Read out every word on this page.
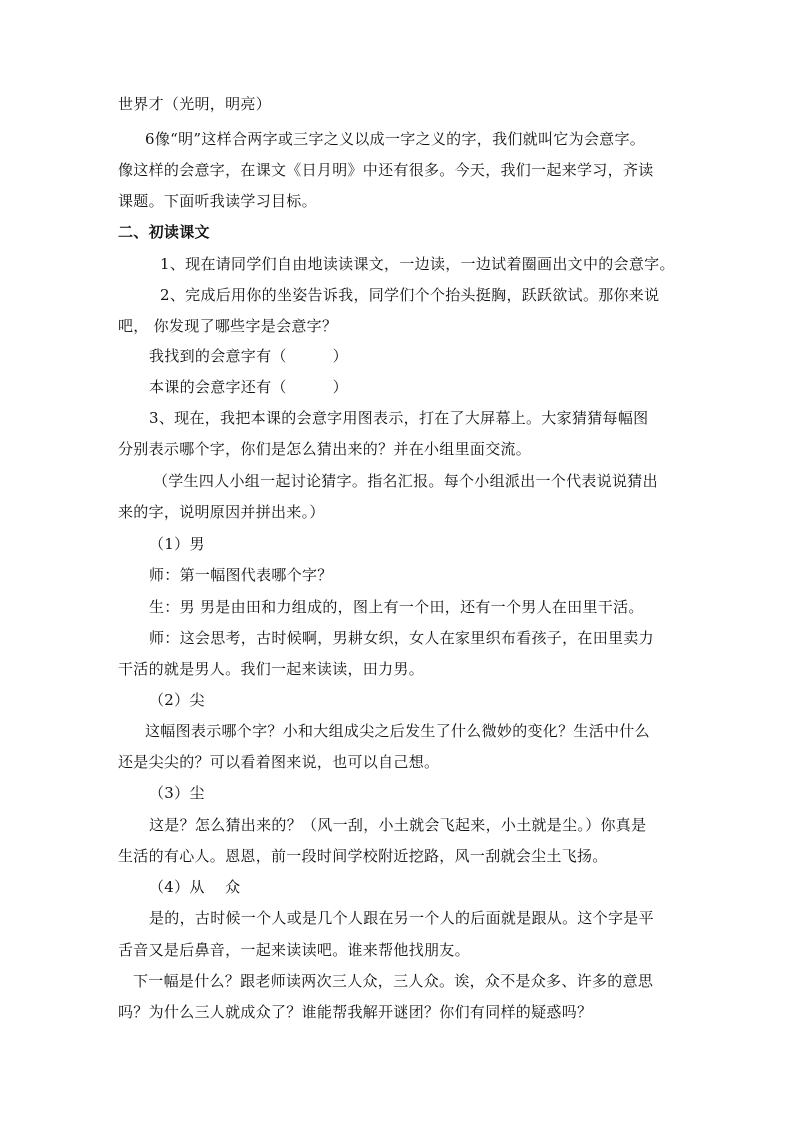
世界才（光明，明亮）
6像“明”这样合两字或三字之义以成一字之义的字，我们就叫它为会意字。
像这样的会意字，在课文《日月明》中还有很多。今天，我们一起来学习，齐读
课题。下面听我读学习目标。
二、初读课文
1、现在请同学们自由地读读课文，一边读，一边试着圈画出文中的会意字。
2、完成后用你的坐姿告诉我，同学们个个抬头挺胸，跃跃欲试。那你来说
吧， 你发现了哪些字是会意字？
我找到的会意字有（　　　）
本课的会意字还有（　　　）
3、现在，我把本课的会意字用图表示，打在了大屏幕上。大家猜猜每幅图
分别表示哪个字，你们是怎么猜出来的？并在小组里面交流。
（学生四人小组一起讨论猜字。指名汇报。每个小组派出一个代表说说猜出
来的字，说明原因并拼出来。）
（1）男
师：第一幅图代表哪个字？
生：男 男是由田和力组成的，图上有一个田，还有一个男人在田里干活。
师：这会思考，古时候啊，男耕女织，女人在家里织布看孩子，在田里卖力
干活的就是男人。我们一起来读读，田力男。
（2）尖
这幅图表示哪个字？小和大组成尖之后发生了什么微妙的变化？生活中什么
还是尖尖的？可以看着图来说，也可以自己想。
（3）尘
这是？怎么猜出来的？（风一刮，小土就会飞起来，小土就是尘。）你真是
生活的有心人。恩恩，前一段时间学校附近挖路，风一刮就会尘土飞扬。
（4）从 　众
是的，古时候一个人或是几个人跟在另一个人的后面就是跟从。这个字是平
舌音又是后鼻音，一起来读读吧。谁来帮他找朋友。
下一幅是什么？跟老师读两次三人众，三人众。诶，众不是众多、许多的意思
吗？为什么三人就成众了？谁能帮我解开谜团？你们有同样的疑惑吗？
